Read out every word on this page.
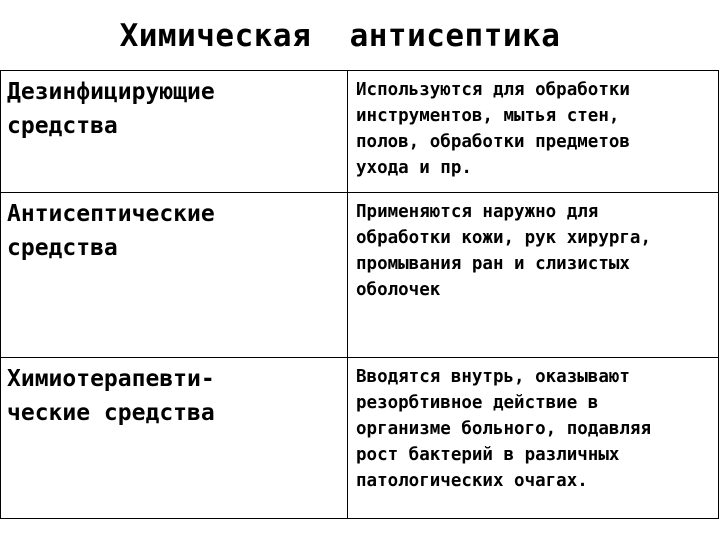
Химическая  антисептика
Дезинфицирующие
средства	Используются для обработки
инструментов, мытья стен,
полов, обработки предметов
ухода и пр.

Антисептические
средства	Применяются наружно для
обработки кожи, рук хирурга,
промывания ран и слизистых
оболочек

Химиотерапевти-
ческие средства	Вводятся внутрь, оказывают
резорбтивное действие в
организме больного, подавляя
рост бактерий в различных
патологических очагах.
